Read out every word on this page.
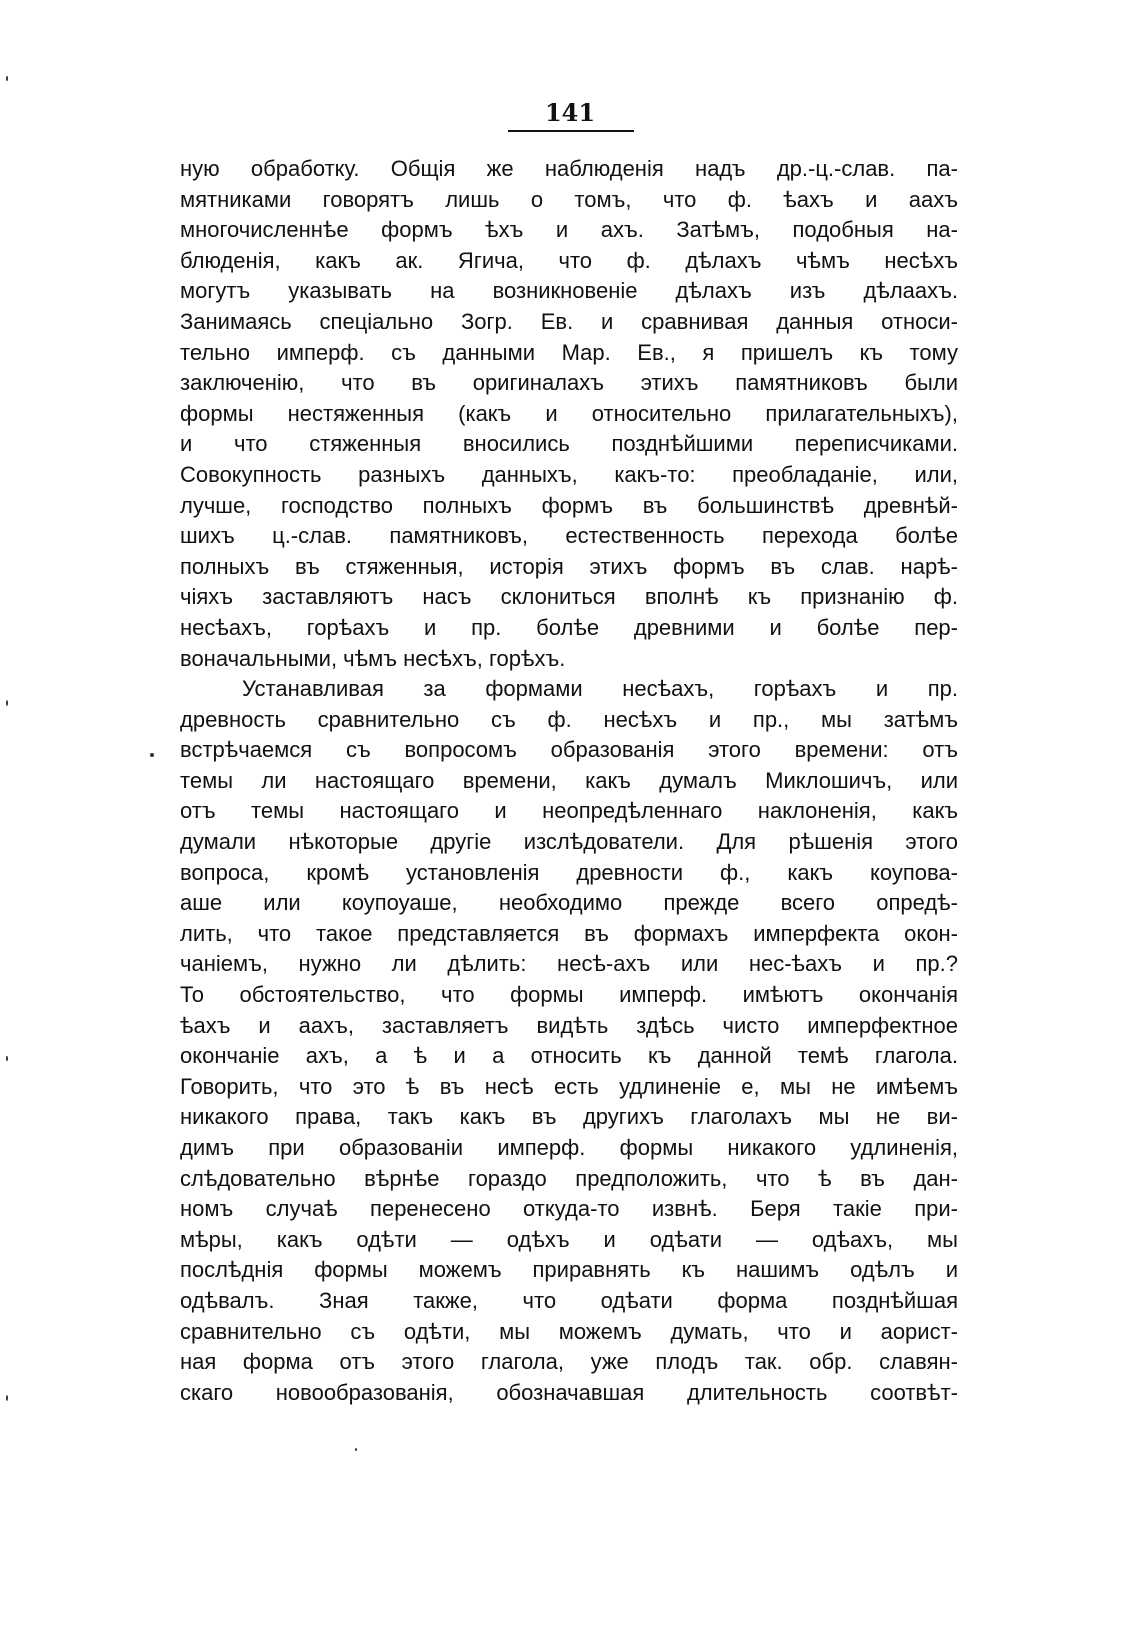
141
ную обработку. Общія же наблюденія надъ др.-ц.-слав. па-
мятниками говорятъ лишь о томъ, что ф. ѣахъ и аахъ
многочисленнѣе формъ ѣхъ и ахъ. Затѣмъ, подобныя на-
блюденія, какъ ак. Ягича, что ф. дѣлахъ чѣмъ несѣхъ
могутъ указывать на возникновеніе дѣлахъ изъ дѣлаахъ.
Занимаясь спеціально Зогр. Ев. и сравнивая данныя относи-
тельно имперф. съ данными Мар. Ев., я пришелъ къ тому
заключенію, что въ оригиналахъ этихъ памятниковъ были
формы нестяженныя (какъ и относительно прилагательныхъ),
и что стяженныя вносились позднѣйшими переписчиками.
Совокупность разныхъ данныхъ, какъ-то: преобладаніе, или,
лучше, господство полныхъ формъ въ большинствѣ древнѣй-
шихъ ц.-слав. памятниковъ, естественность перехода болѣе
полныхъ въ стяженныя, исторія этихъ формъ въ слав. нарѣ-
чіяхъ заставляютъ насъ склониться вполнѣ къ признанію ф.
несѣахъ, горѣахъ и пр. болѣе древними и болѣе пер-
воначальными, чѣмъ несѣхъ, горѣхъ.
Устанавливая за формами несѣахъ, горѣахъ и пр.
древность сравнительно съ ф. несѣхъ и пр., мы затѣмъ
встрѣчаемся съ вопросомъ образованія этого времени: отъ
темы ли настоящаго времени, какъ думалъ Миклошичъ, или
отъ темы настоящаго и неопредѣленнаго наклоненія, какъ
думали нѣкоторые другіе изслѣдователи. Для рѣшенія этого
вопроса, кромѣ установленія древности ф., какъ коупова-
аше или коупоуаше, необходимо прежде всего опредѣ-
лить, что такое представляется въ формахъ имперфекта окон-
чаніемъ, нужно ли дѣлить: несѣ-ахъ или нес-ѣахъ и пр.?
То обстоятельство, что формы имперф. имѣютъ окончанія
ѣахъ и аахъ, заставляетъ видѣть здѣсь чисто имперфектное
окончаніе ахъ, а ѣ и а относить къ данной темѣ глагола.
Говорить, что это ѣ въ несѣ есть удлиненіе е, мы не имѣемъ
никакого права, такъ какъ въ другихъ глаголахъ мы не ви-
димъ при образованіи имперф. формы никакого удлиненія,
слѣдовательно вѣрнѣе гораздо предположить, что ѣ въ дан-
номъ случаѣ перенесено откуда-то извнѣ. Беря такіе при-
мѣры, какъ одѣти — одѣхъ и одѣати — одѣахъ, мы
послѣднія формы можемъ приравнять къ нашимъ одѣлъ и
одѣвалъ. Зная также, что одѣати форма позднѣйшая
сравнительно съ одѣти, мы можемъ думать, что и аорист-
ная форма отъ этого глагола, уже плодъ так. обр. славян-
скаго новообразованія, обозначавшая длительность соотвѣт-
